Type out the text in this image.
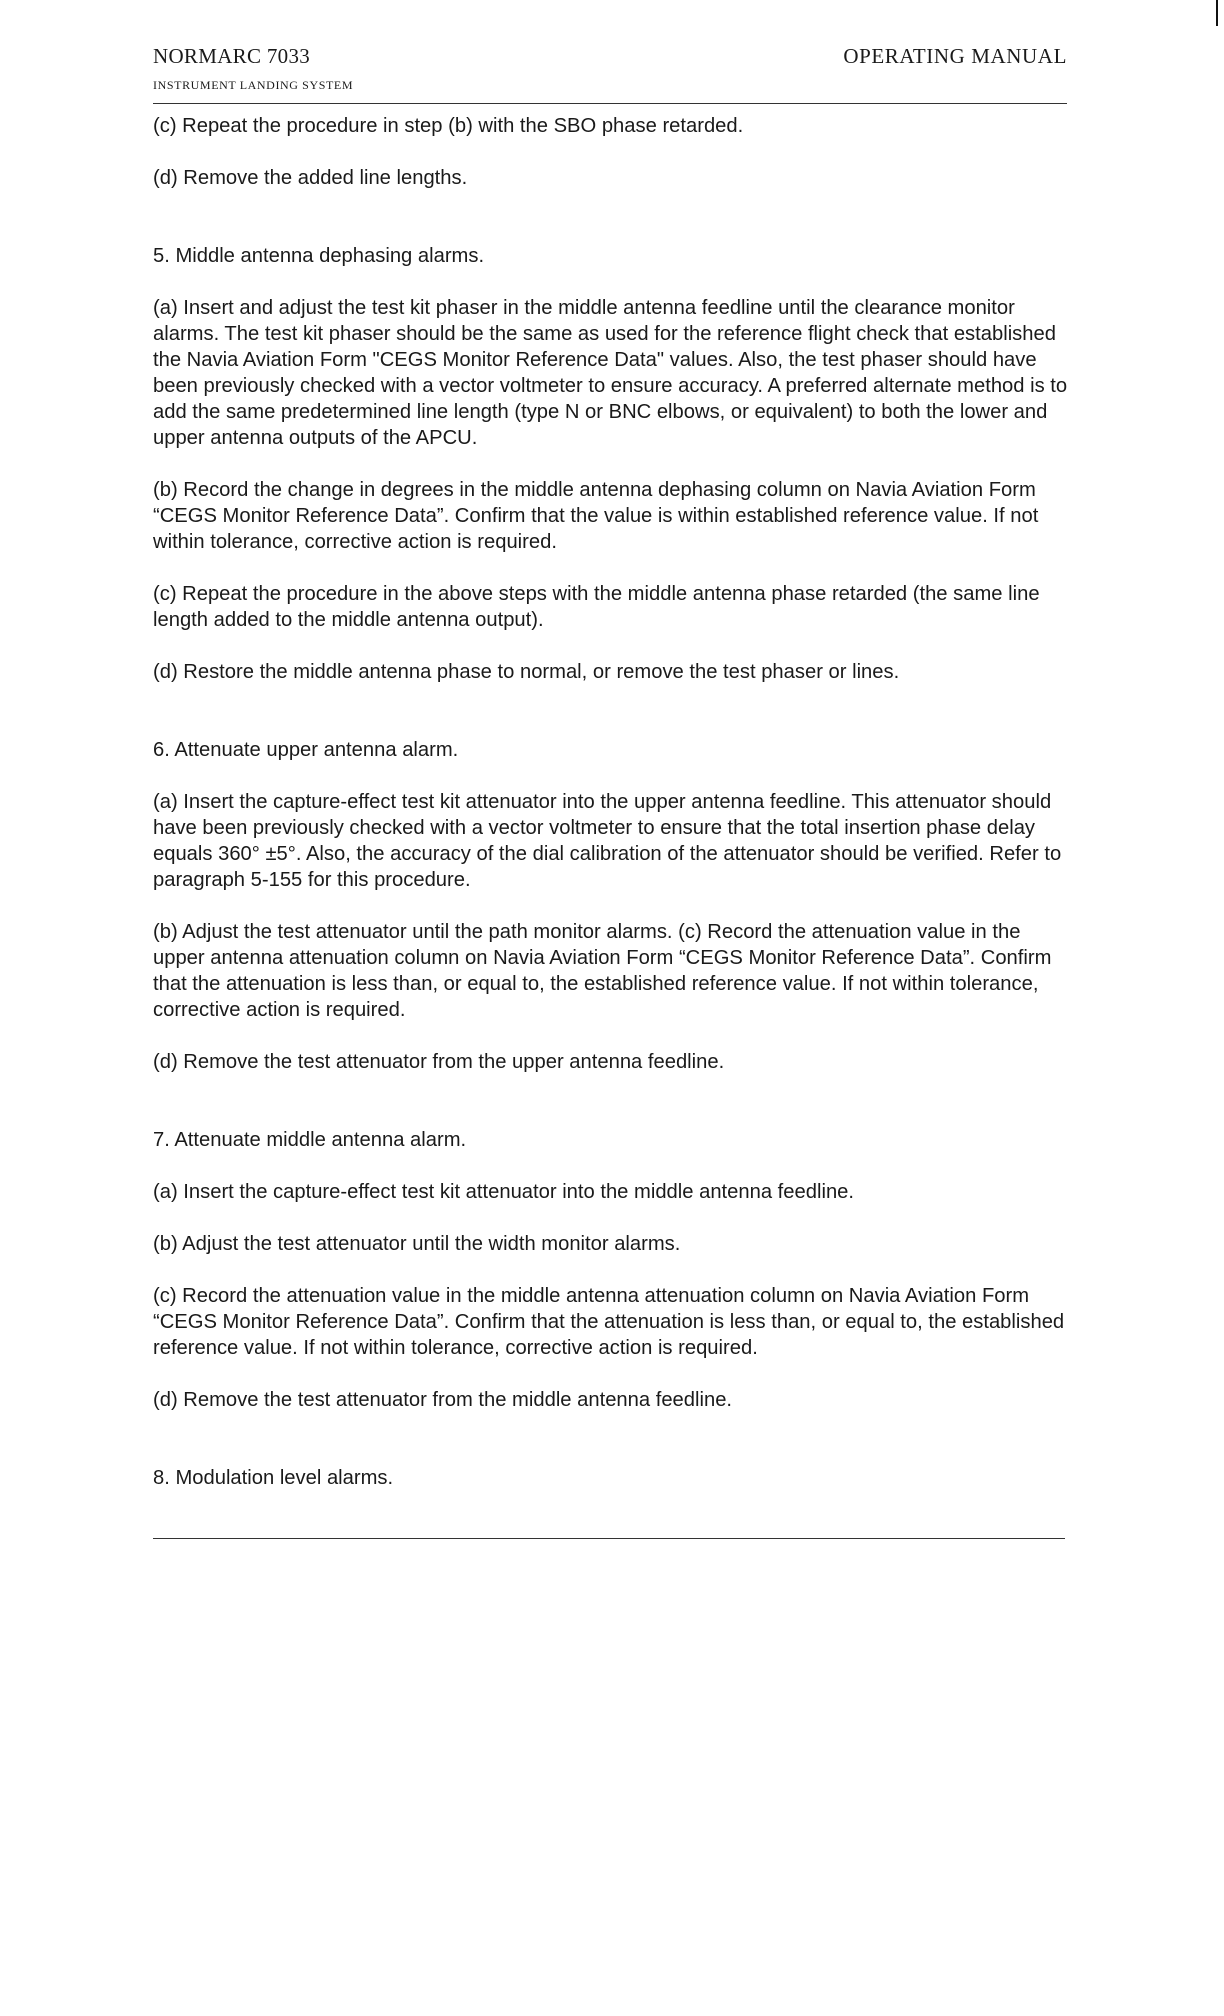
NORMARC 7033
INSTRUMENT LANDING SYSTEM
OPERATING MANUAL

(c) Repeat the procedure in step (b) with the SBO phase retarded.

(d) Remove the added line lengths.

5. Middle antenna dephasing alarms.

(a) Insert and adjust the test kit phaser in the middle antenna feedline until the clearance monitor alarms. The test kit phaser should be the same as used for the reference flight check that established the Navia Aviation Form "CEGS Monitor Reference Data" values. Also, the test phaser should have been previously checked with a vector voltmeter to ensure accuracy. A preferred alternate method is to add the same predetermined line length (type N or BNC elbows, or equivalent) to both the lower and upper antenna outputs of the APCU.

(b) Record the change in degrees in the middle antenna dephasing column on Navia Aviation Form “CEGS Monitor Reference Data”. Confirm that the value is within established reference value. If not within tolerance, corrective action is required.

(c) Repeat the procedure in the above steps with the middle antenna phase retarded (the same line length added to the middle antenna output).

(d) Restore the middle antenna phase to normal, or remove the test phaser or lines.

6. Attenuate upper antenna alarm.

(a) Insert the capture-effect test kit attenuator into the upper antenna feedline. This attenuator should have been previously checked with a vector voltmeter to ensure that the total insertion phase delay equals 360° ±5°. Also, the accuracy of the dial calibration of the attenuator should be verified. Refer to paragraph 5-155 for this procedure.

(b) Adjust the test attenuator until the path monitor alarms. (c) Record the attenuation value in the upper antenna attenuation column on Navia Aviation Form “CEGS Monitor Reference Data”. Confirm that the attenuation is less than, or equal to, the established reference value. If not within tolerance, corrective action is required.

(d) Remove the test attenuator from the upper antenna feedline.

7. Attenuate middle antenna alarm.

(a) Insert the capture-effect test kit attenuator into the middle antenna feedline.

(b) Adjust the test attenuator until the width monitor alarms.

(c) Record the attenuation value in the middle antenna attenuation column on Navia Aviation Form “CEGS Monitor Reference Data”. Confirm that the attenuation is less than, or equal to, the established reference value. If not within tolerance, corrective action is required.

(d) Remove the test attenuator from the middle antenna feedline.

8. Modulation level alarms.
